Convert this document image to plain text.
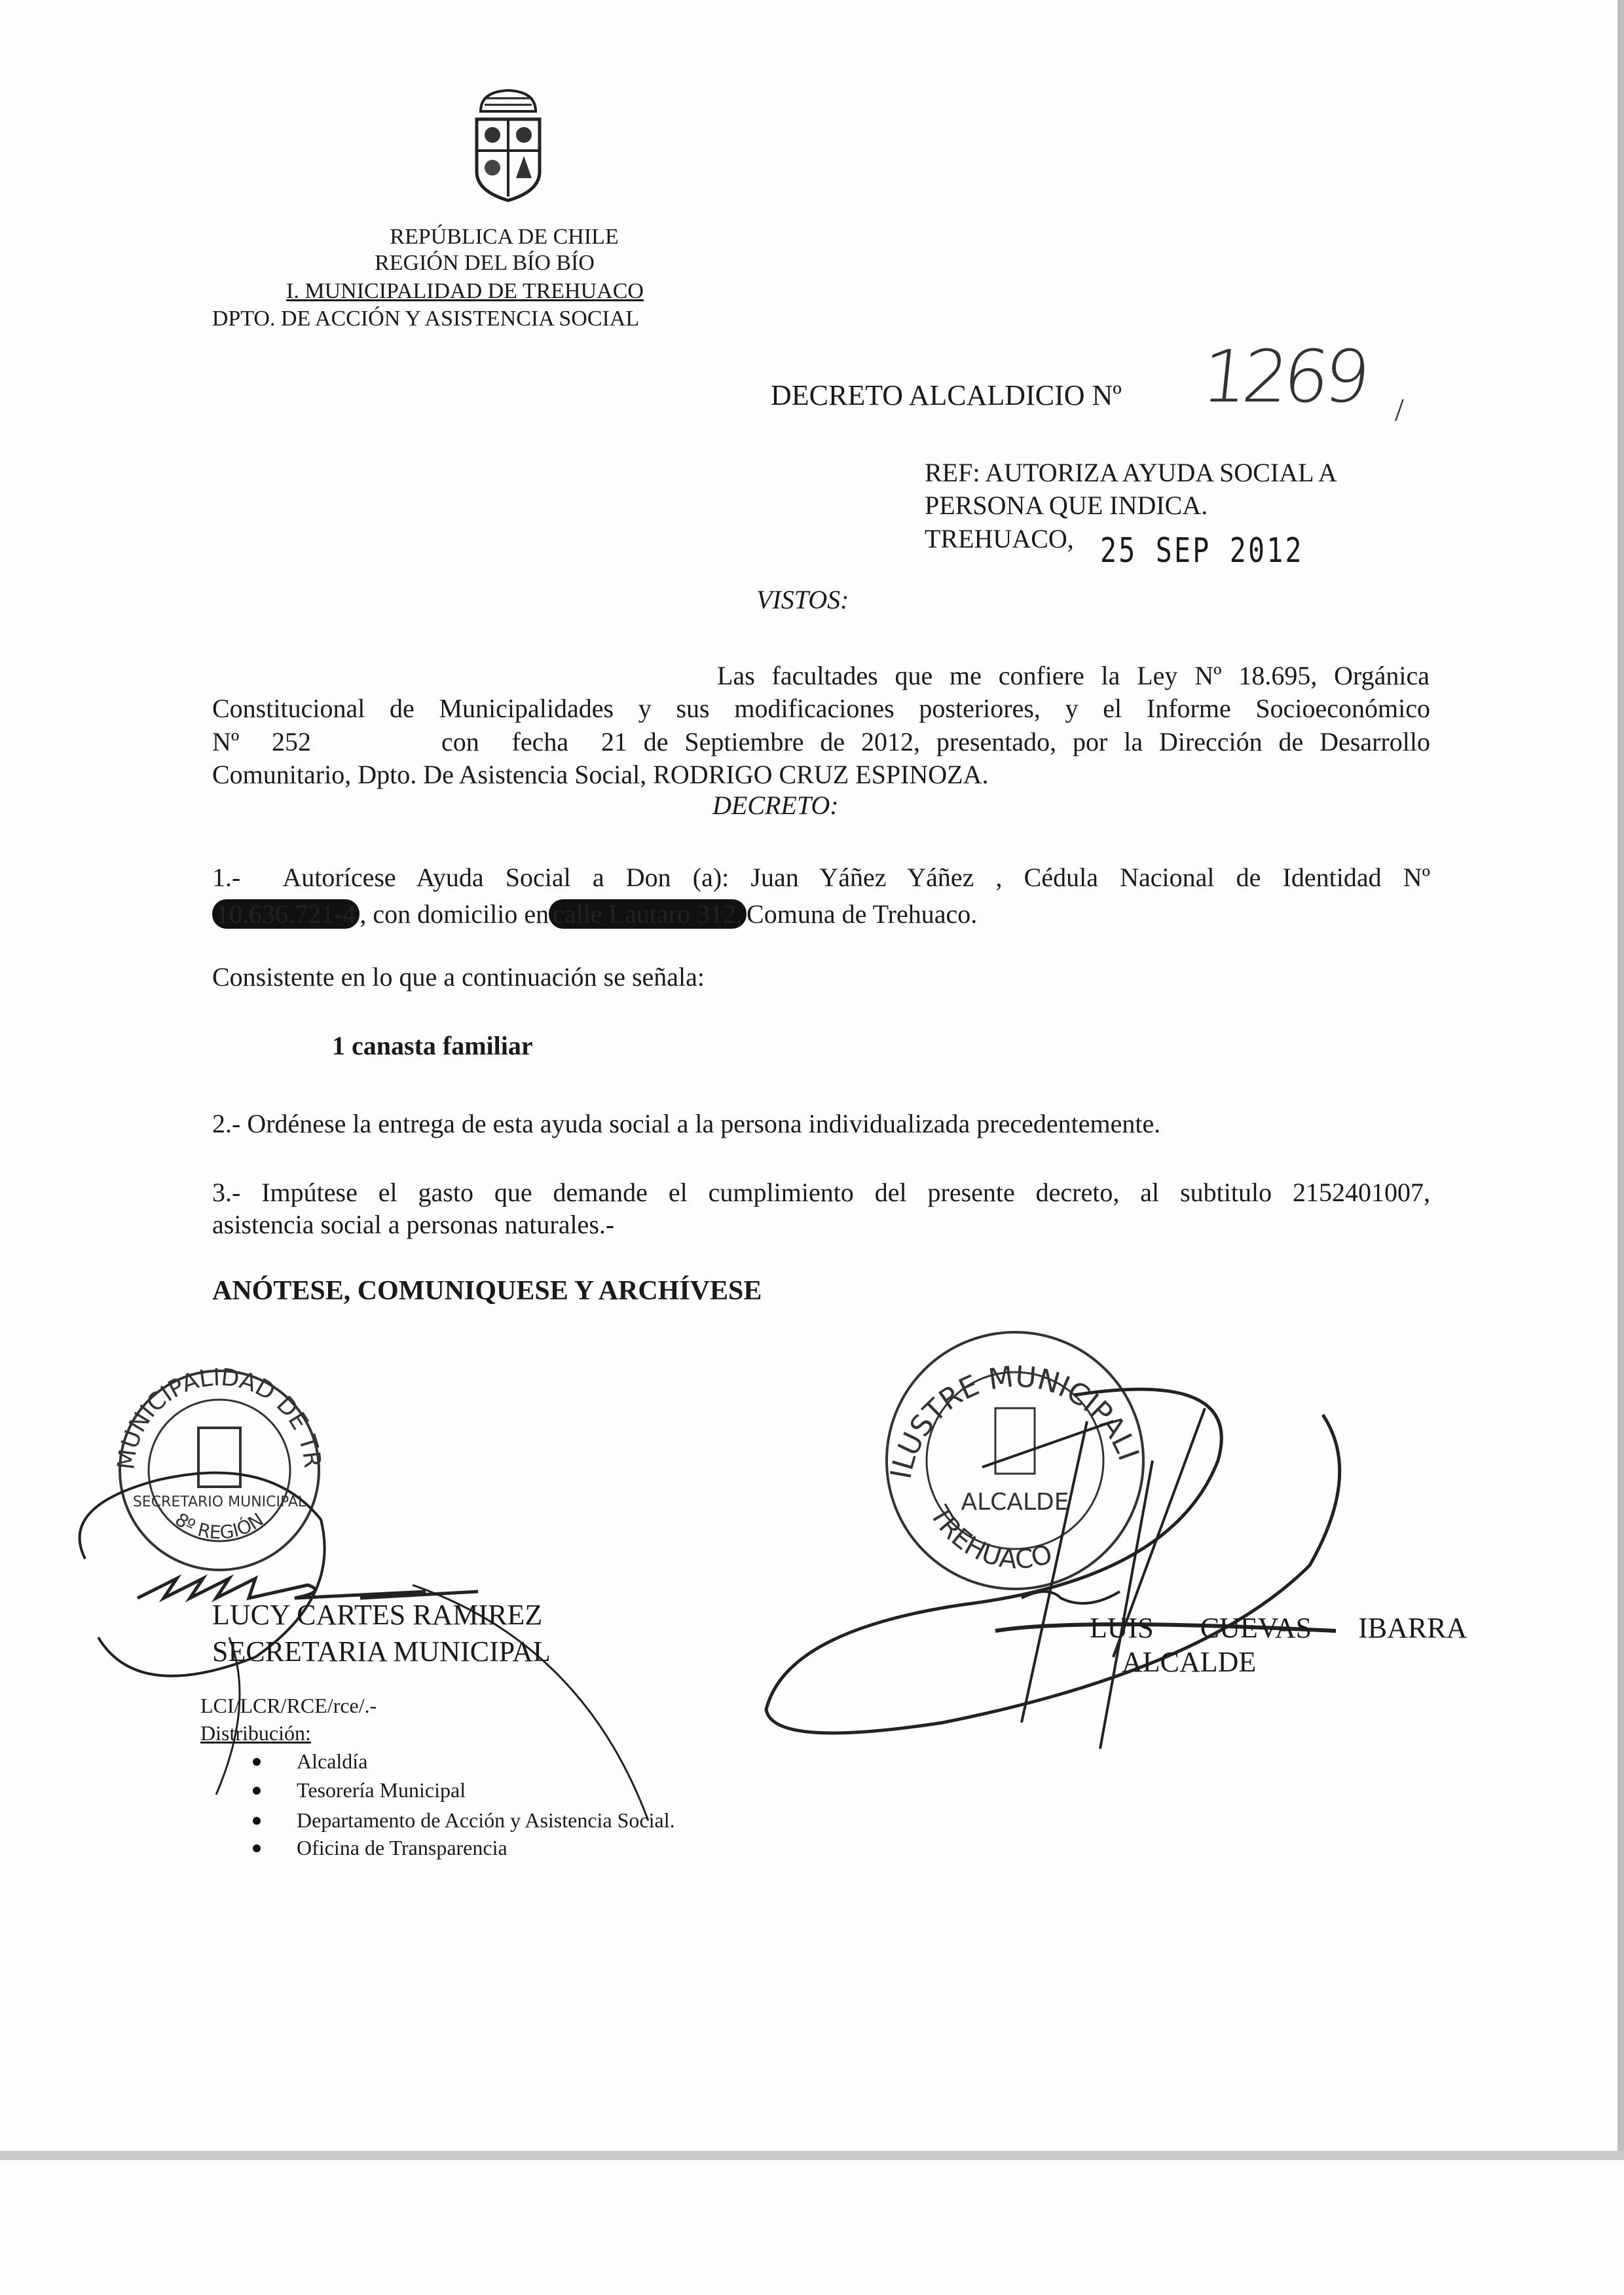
REPÚBLICA DE CHILE
REGIÓN DEL BÍO BÍO
I. MUNICIPALIDAD DE TREHUACO
DPTO. DE ACCIÓN Y ASISTENCIA SOCIAL
DECRETO ALCALDICIO Nº 1269 /
REF: AUTORIZA AYUDA SOCIAL A
PERSONA QUE INDICA.
TREHUACO, 25 SEP 2012
VISTOS:
Las facultades que me confiere la Ley Nº 18.695, Orgánica
Constitucional de Municipalidades y sus modificaciones posteriores, y el Informe Socioeconómico
Nº  252        con  fecha  21 de Septiembre de 2012, presentado, por la Dirección de Desarrollo
Comunitario, Dpto. De Asistencia Social, RODRIGO CRUZ ESPINOZA.
DECRETO:
1.-  Autorícese Ayuda Social a Don (a): Juan Yáñez Yáñez , Cédula Nacional de Identidad Nº
10.636.721-4 , con domicilio en calle Lautaro 312, Comuna de Trehuaco.
Consistente en lo que a continuación se señala:
1 canasta familiar
2.- Ordénese la entrega de esta ayuda social a la persona individualizada precedentemente.
3.- Impútese el gasto que demande el cumplimiento del presente decreto, al subtitulo 2152401007,
asistencia social a personas naturales.-
ANÓTESE, COMUNIQUESE Y ARCHÍVESE
MUNICIPALIDAD DE TREHUACO
8º REGIÓN
SECRETARIO MUNICIPAL
ILUSTRE MUNICIPALIDAD
TREHUACO
ALCALDE
LUCY CARTES RAMIREZ
SECRETARIA MUNICIPAL
LUIS CUEVAS IBARRA
ALCALDE
LCI/LCR/RCE/rce/.-
Distribución:
Alcaldía
Tesorería Municipal
Departamento de Acción y Asistencia Social.
Oficina de Transparencia
